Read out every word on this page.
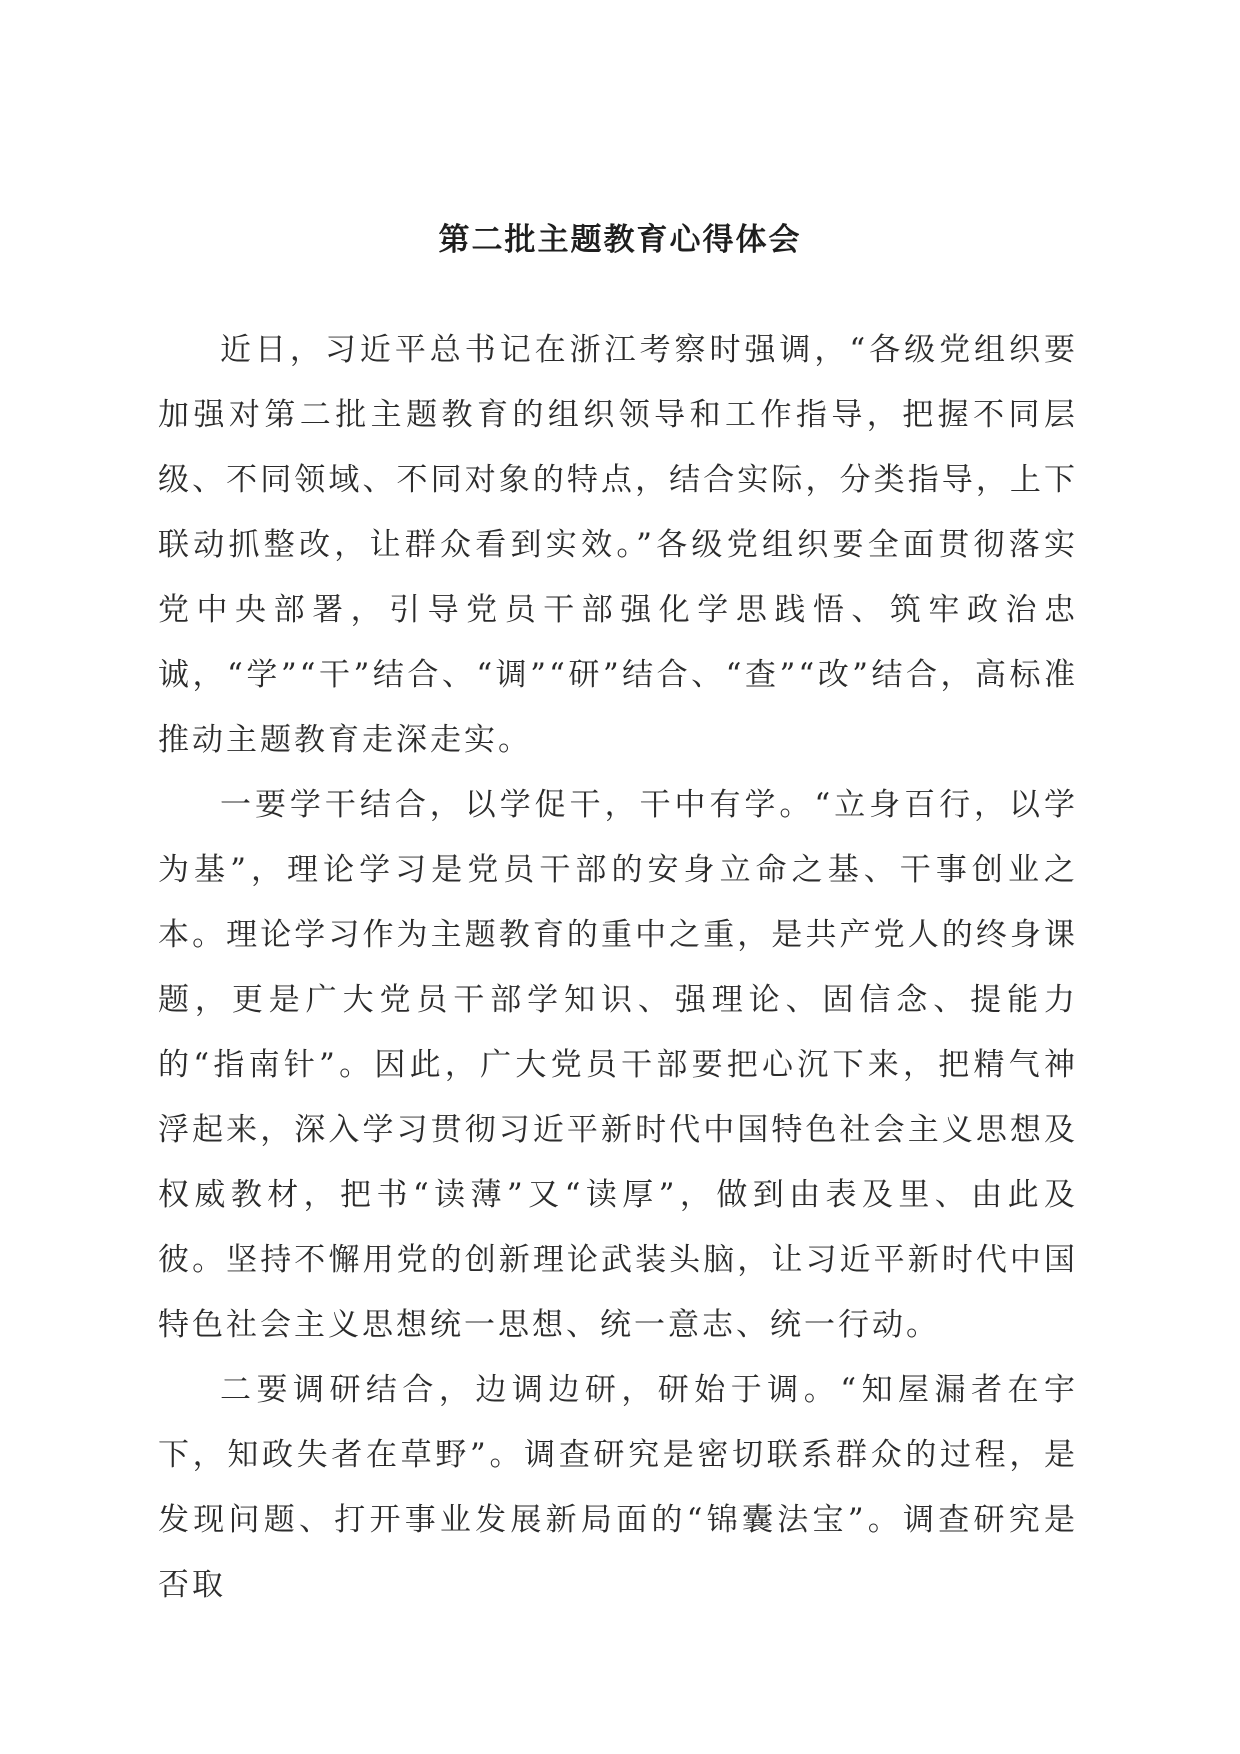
第二批主题教育心得体会

近日，习近平总书记在浙江考察时强调，“各级党组织要加强对第二批主题教育的组织领导和工作指导，把握不同层级、不同领域、不同对象的特点，结合实际，分类指导，上下联动抓整改，让群众看到实效。”各级党组织要全面贯彻落实党中央部署，引导党员干部强化学思践悟、筑牢政治忠诚，“学”“干”结合、“调”“研”结合、“查”“改”结合，高标准推动主题教育走深走实。

一要学干结合，以学促干，干中有学。“立身百行，以学为基”，理论学习是党员干部的安身立命之基、干事创业之本。理论学习作为主题教育的重中之重，是共产党人的终身课题，更是广大党员干部学知识、强理论、固信念、提能力的“指南针”。因此，广大党员干部要把心沉下来，把精气神浮起来，深入学习贯彻习近平新时代中国特色社会主义思想及权威教材，把书“读薄”又“读厚”，做到由表及里、由此及彼。坚持不懈用党的创新理论武装头脑，让习近平新时代中国特色社会主义思想统一思想、统一意志、统一行动。

二要调研结合，边调边研，研始于调。“知屋漏者在宇下，知政失者在草野”。调查研究是密切联系群众的过程，是发现问题、打开事业发展新局面的“锦囊法宝”。调查研究是否取
